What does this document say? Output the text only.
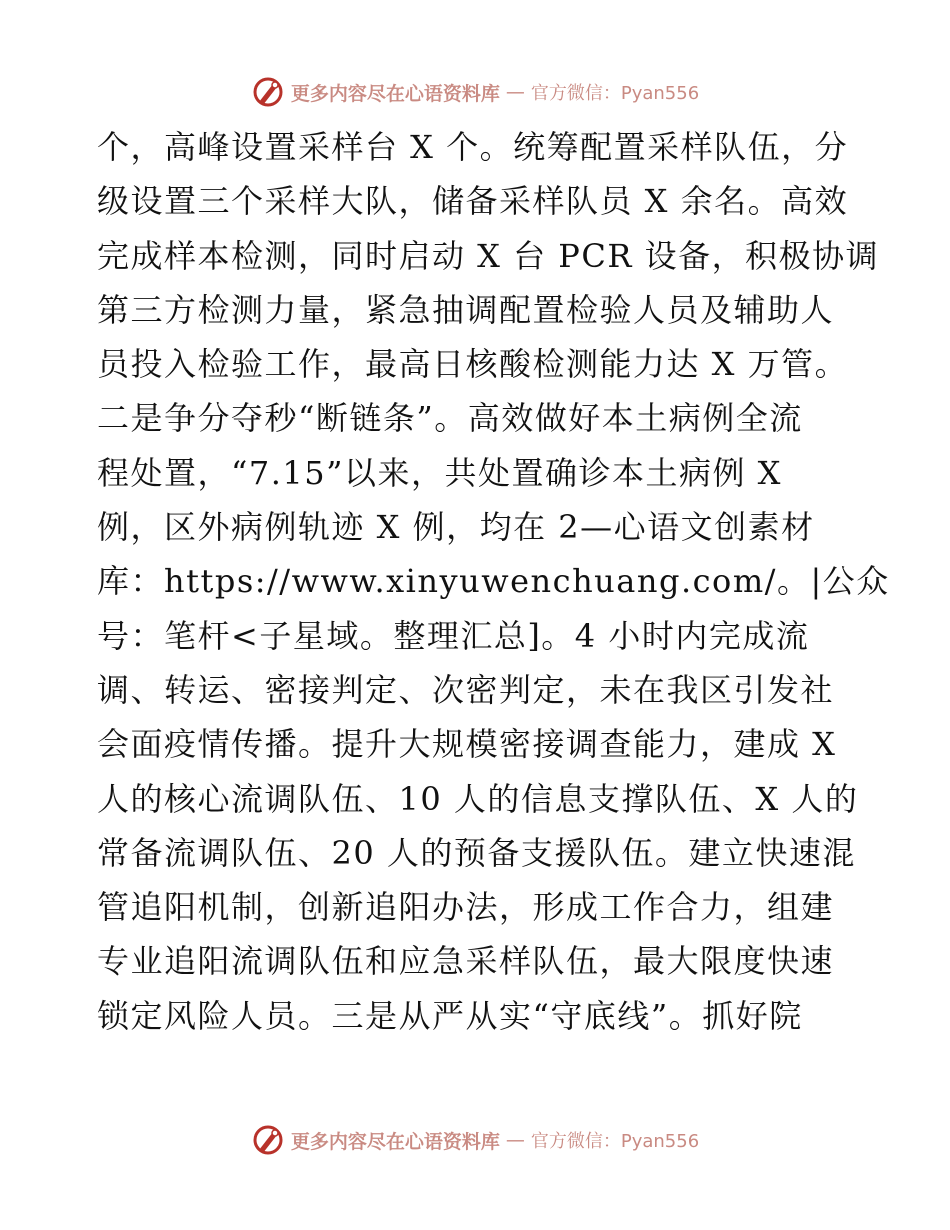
更多内容尽在心语资料库 — 官方微信：Pyan556
个，高峰设置采样台 X 个。统筹配置采样队伍，分
级设置三个采样大队，储备采样队员 X 余名。高效
完成样本检测，同时启动 X 台 PCR 设备，积极协调
第三方检测力量，紧急抽调配置检验人员及辅助人
员投入检验工作，最高日核酸检测能力达 X 万管。
二是争分夺秒“断链条”。高效做好本土病例全流
程处置，“7.15”以来，共处置确诊本土病例 X
例，区外病例轨迹 X 例，均在 2—心语文创素材
库：https://www.xinyuwenchuang.com/。|公众
号：笔杆<子星域。整理汇总]。4 小时内完成流
调、转运、密接判定、次密判定，未在我区引发社
会面疫情传播。提升大规模密接调查能力，建成 X
人的核心流调队伍、10 人的信息支撑队伍、X 人的
常备流调队伍、20 人的预备支援队伍。建立快速混
管追阳机制，创新追阳办法，形成工作合力，组建
专业追阳流调队伍和应急采样队伍，最大限度快速
锁定风险人员。三是从严从实“守底线”。抓好院
更多内容尽在心语资料库 — 官方微信：Pyan556
